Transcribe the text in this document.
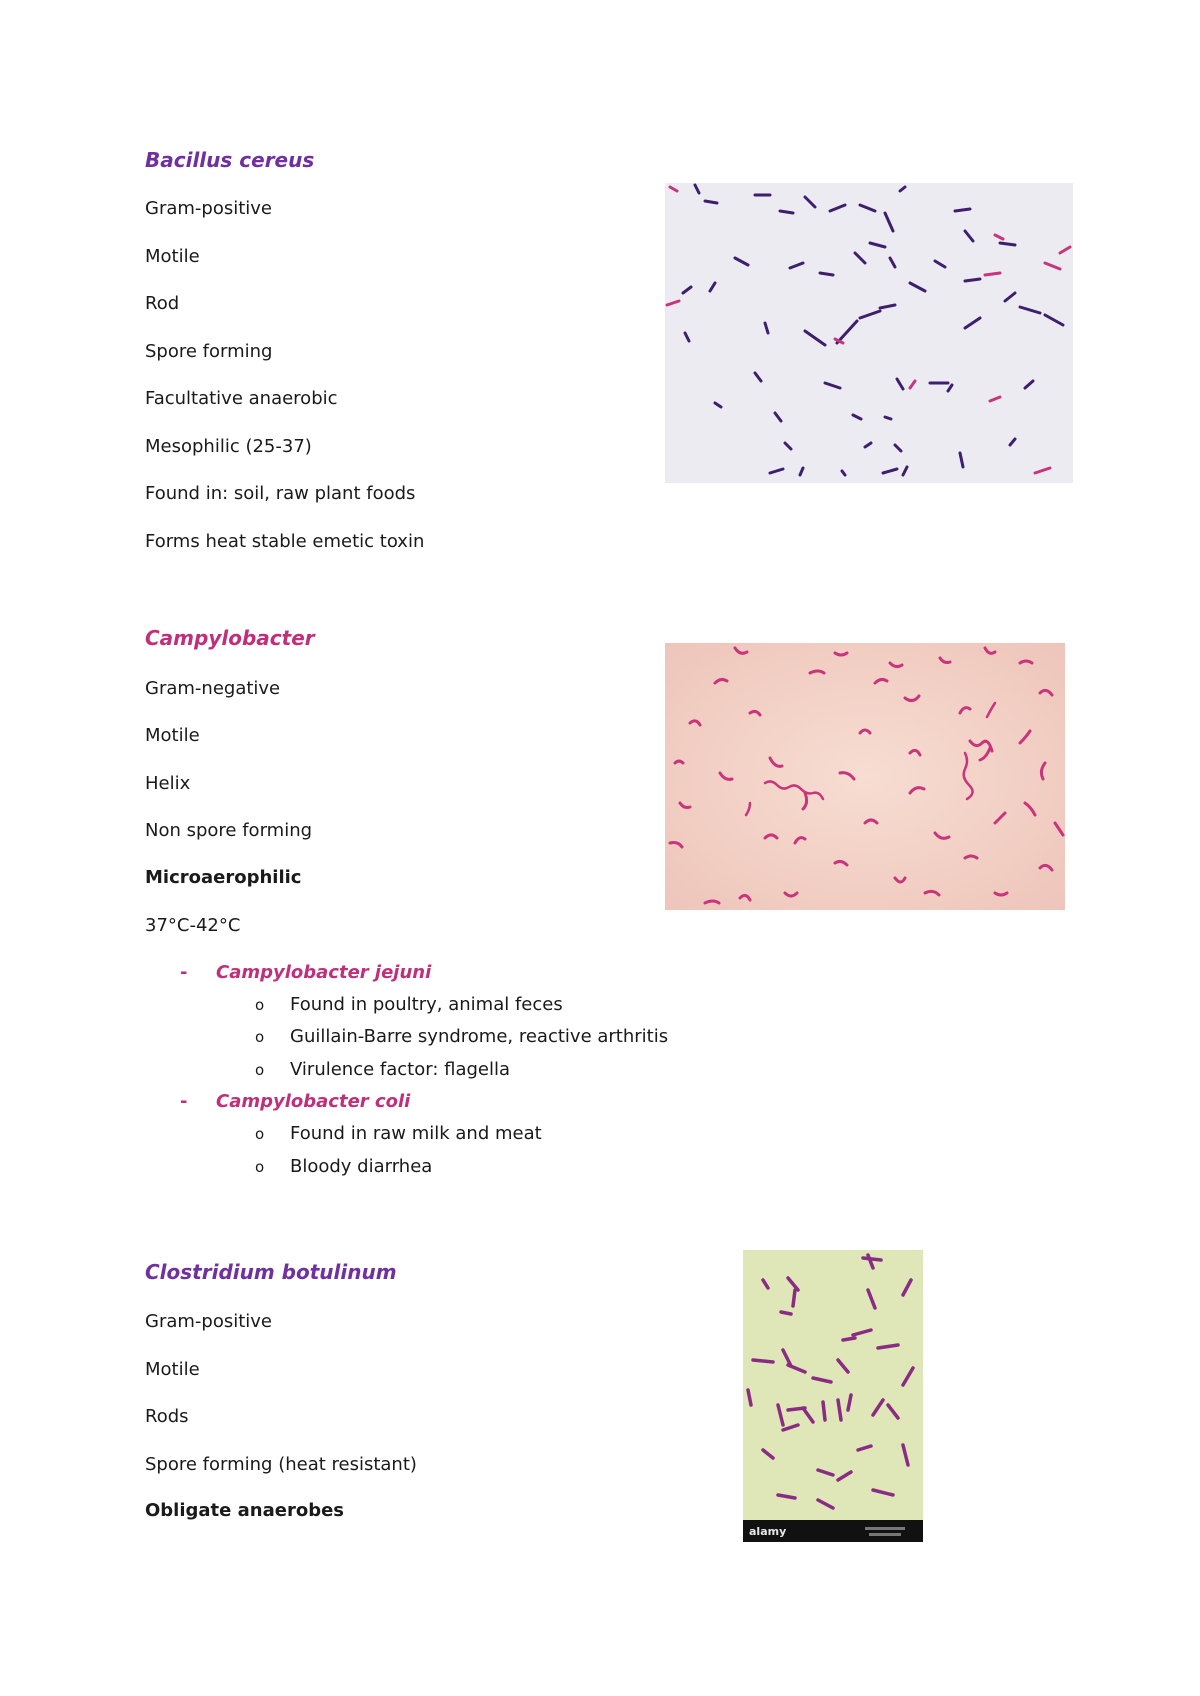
Bacillus cereus

Gram-positive

Motile

Rod

Spore forming

Facultative anaerobic

Mesophilic (25-37)

Found in: soil, raw plant foods

Forms heat stable emetic toxin

Campylobacter

Gram-negative

Motile

Helix

Non spore forming

Microaerophilic

37°C-42°C

- Campylobacter jejuni
o Found in poultry, animal feces
o Guillain-Barre syndrome, reactive arthritis
o Virulence factor: flagella
- Campylobacter coli
o Found in raw milk and meat
o Bloody diarrhea
Clostridium botulinum

Gram-positive

Motile

Rods

Spore forming (heat resistant)

Obligate anaerobes

alamy
